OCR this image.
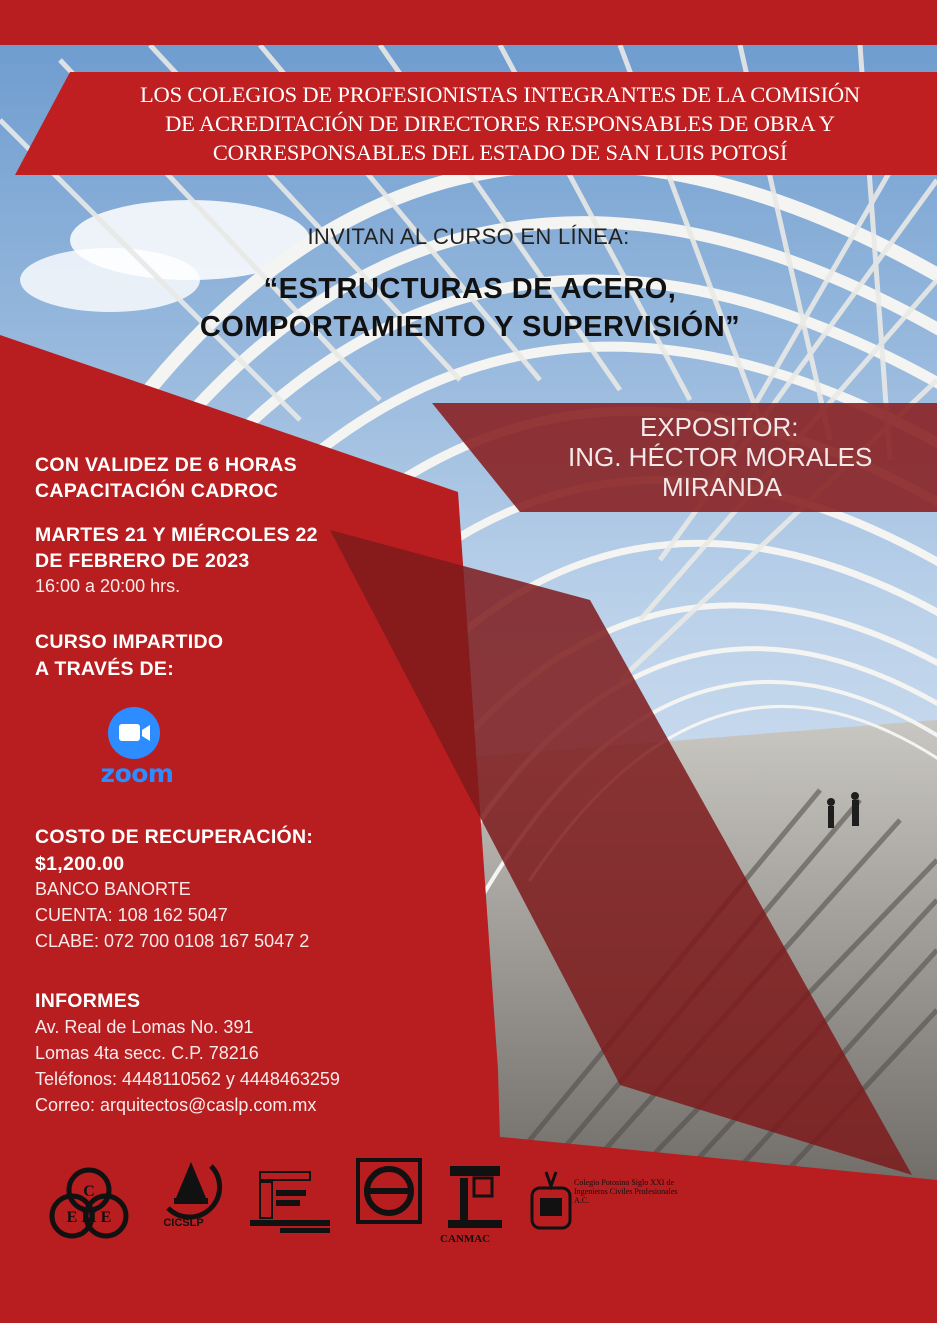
LOS COLEGIOS DE PROFESIONISTAS INTEGRANTES DE LA COMISIÓN
DE ACREDITACIÓN DE DIRECTORES RESPONSABLES DE OBRA Y
CORRESPONSABLES DEL ESTADO DE SAN LUIS POTOSÍ
INVITAN AL CURSO EN LÍNEA:
“ESTRUCTURAS DE ACERO,
COMPORTAMIENTO Y SUPERVISIÓN”
EXPOSITOR:
ING. HÉCTOR MORALES
MIRANDA
CON VALIDEZ DE 6 HORAS
CAPACITACIÓN CADROC
MARTES 21 Y MIÉRCOLES 22
DE FEBRERO DE 2023
16:00 a 20:00 hrs.
CURSO IMPARTIDO
A TRAVÉS DE:
zoom
COSTO DE RECUPERACIÓN:
$1,200.00
BANCO BANORTE
CUENTA: 108 162 5047
CLABE: 072 700 0108 167 5047 2
INFORMES
Av. Real de Lomas No. 391
Lomas 4ta secc. C.P. 78216
Teléfonos: 4448110562 y 4448463259
Correo: arquitectos@caslp.com.mx
C
E M E	CICSLP
CANMAC
Colegio Potosino Siglo XXI de Ingenieros Civiles Profesionales A.C.
